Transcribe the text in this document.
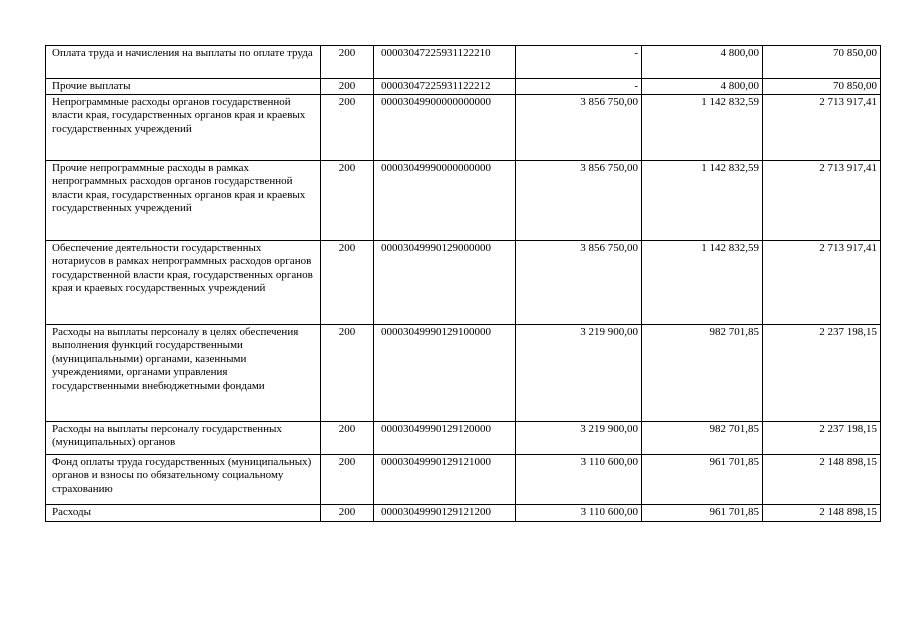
Оплата труда и начисления на выплаты по оплате труда	200	00003047225931122210	-	4 800,00	70 850,00
Прочие выплаты	200	00003047225931122212	-	4 800,00	70 850,00
Непрограммные расходы органов государственной власти края, государственных органов края и краевых государственных учреждений	200	00003049900000000000	3 856 750,00	1 142 832,59	2 713 917,41
Прочие непрограммные расходы в рамках непрограммных расходов органов государственной власти края, государственных органов края и краевых государственных учреждений	200	00003049990000000000	3 856 750,00	1 142 832,59	2 713 917,41
Обеспечение деятельности государственных нотариусов в рамках непрограммных расходов органов государственной власти края, государственных органов края и краевых государственных учреждений	200	00003049990129000000	3 856 750,00	1 142 832,59	2 713 917,41
Расходы на выплаты персоналу в целях обеспечения выполнения функций государственными (муниципальными) органами, казенными учреждениями, органами управления государственными внебюджетными фондами	200	00003049990129100000	3 219 900,00	982 701,85	2 237 198,15
Расходы на выплаты персоналу государственных (муниципальных) органов	200	00003049990129120000	3 219 900,00	982 701,85	2 237 198,15
Фонд оплаты труда государственных (муниципальных) органов и взносы по обязательному социальному страхованию	200	00003049990129121000	3 110 600,00	961 701,85	2 148 898,15
Расходы	200	00003049990129121200	3 110 600,00	961 701,85	2 148 898,15
